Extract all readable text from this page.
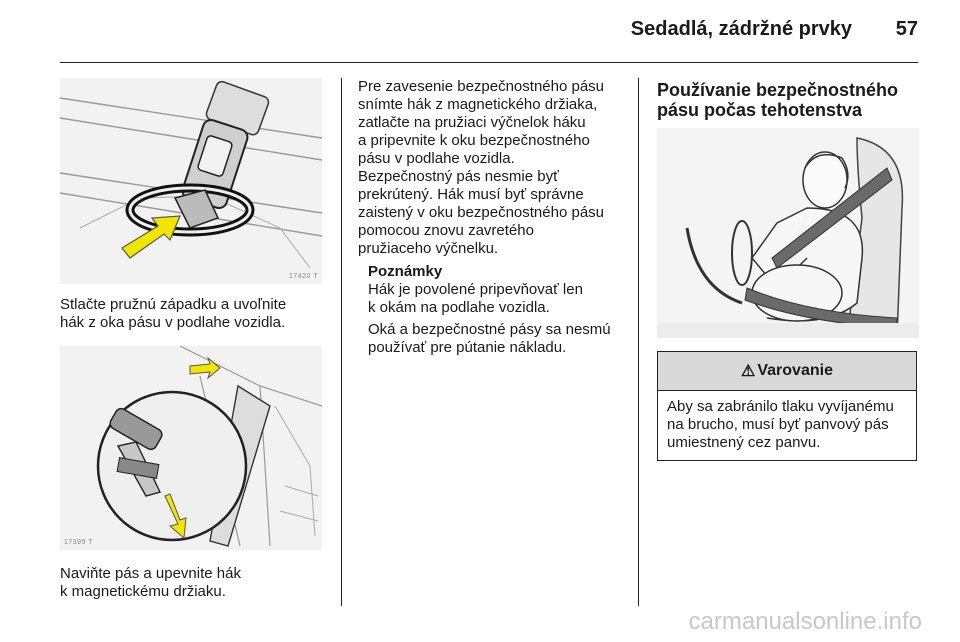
Sedadlá, zádržné prvky 57
17420 T

Stlačte pružnú západku a uvoľnite

hák z oka pásu v podlahe vozidla.

17399 T

Naviňte pás a upevnite hák

k magnetickému držiaku.

Pre zavesenie bezpečnostného pásu

snímte hák z magnetického držiaka,

zatlačte na pružiaci výčnelok háku

a pripevnite k oku bezpečnostného

pásu v podlahe vozidla.

Bezpečnostný pás nesmie byť

prekrútený. Hák musí byť správne

zaistený v oku bezpečnostného pásu

pomocou znovu zavretého

pružiaceho výčnelku.

Poznámky

Hák je povolené pripevňovať len

k okám na podlahe vozidla.

Oká a bezpečnostné pásy sa nesmú

používať pre pútanie nákladu.

Používanie bezpečnostného
pásu počas tehotenstva
⚠ Varovanie
Aby sa zabránilo tlaku vyvíjanému
na brucho, musí byť panvový pás
umiestnený cez panvu.
carmanualsonline.info
